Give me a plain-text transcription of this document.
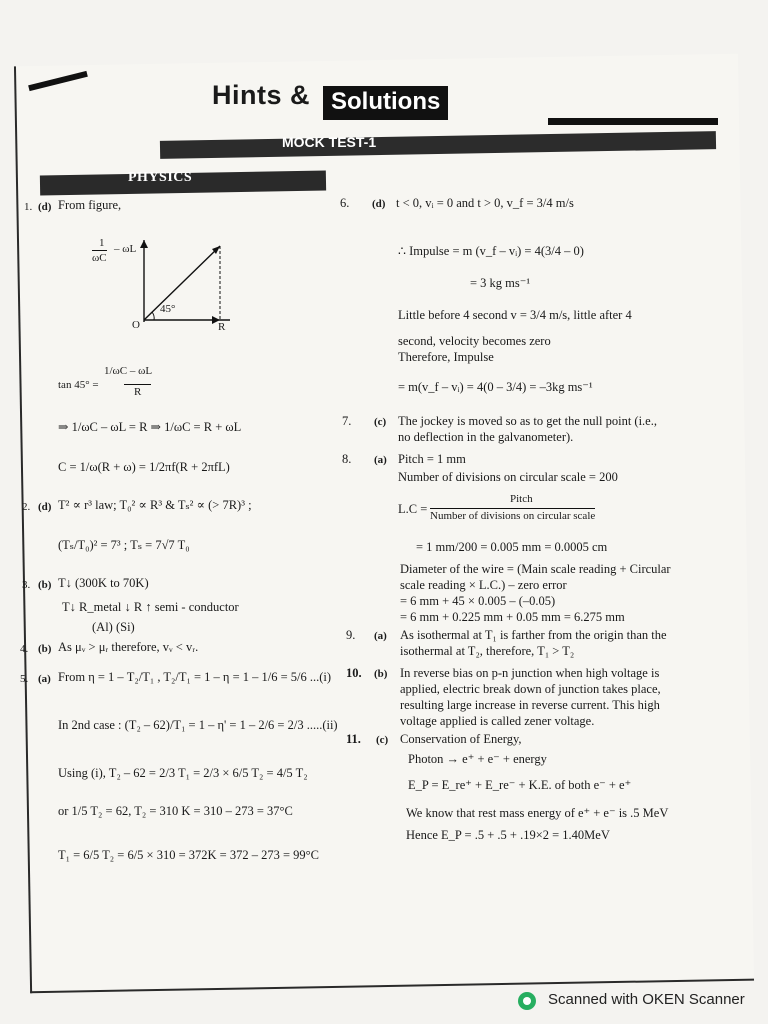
Hints & Solutions
MOCK TEST-1
PHYSICS
1. (d) From figure,
1
ωC
– ωL
45°
O	R
tan 45° =
1/ωC – ωL
R
⇒ 1/ωC – ωL = R ⇒ 1/ωC = R + ωL
C = 1/ω(R + ω) = 1/2πf(R + 2πfL)
2. (d) T² ∝ r³ law; T₀² ∝ R³ & Tₛ² ∝ (> 7R)³ ;
(Tₛ/T₀)² = 7³ ; Tₛ = 7√7 T₀
3. (b) T↓ (300K to 70K)
T↓ R_metal ↓ R ↑ semi - conductor
(Al) (Si)
4. (b) As μᵥ > μᵣ therefore, vᵥ < vᵣ.
5. (a) From η = 1 – T₂/T₁ , T₂/T₁ = 1 – η = 1 – 1/6 = 5/6 ...(i)
In 2nd case : (T₂ – 62)/T₁ = 1 – η' = 1 – 2/6 = 2/3 .....(ii)
Using (i), T₂ – 62 = 2/3 T₁ = 2/3 × 6/5 T₂ = 4/5 T₂
or 1/5 T₂ = 62, T₂ = 310 K = 310 – 273 = 37°C
T₁ = 6/5 T₂ = 6/5 × 310 = 372K = 372 – 273 = 99°C
6. (d) t < 0, vᵢ = 0 and t > 0, v_f = 3/4 m/s
∴ Impulse = m (v_f – vᵢ) = 4(3/4 – 0)
= 3 kg ms⁻¹
Little before 4 second v = 3/4 m/s, little after 4
second, velocity becomes zero
Therefore, Impulse
= m(v_f – vᵢ) = 4(0 – 3/4) = –3kg ms⁻¹
7. (c) The jockey is moved so as to get the null point (i.e.,
no deflection in the galvanometer).
8. (a) Pitch = 1 mm
Number of divisions on circular scale = 200
L.C =
Pitch
Number of divisions on circular scale
= 1 mm/200 = 0.005 mm = 0.0005 cm
Diameter of the wire = (Main scale reading + Circular
scale reading × L.C.) – zero error
= 6 mm + 45 × 0.005 – (–0.05)
= 6 mm + 0.225 mm + 0.05 mm = 6.275 mm
9. (a) As isothermal at T₁ is farther from the origin than the
isothermal at T₂, therefore, T₁ > T₂
10. (b) In reverse bias on p-n junction when high voltage is
applied, electric break down of junction takes place,
resulting large increase in reverse current. This high
voltage applied is called zener voltage.
11. (c) Conservation of Energy,
Photon → e⁺ + e⁻ + energy
E_P = E_re⁺ + E_re⁻ + K.E. of both e⁻ + e⁺
We know that rest mass energy of e⁺ + e⁻ is .5 MeV
Hence E_P = .5 + .5 + .19×2 = 1.40MeV
Scanned with OKEN Scanner
